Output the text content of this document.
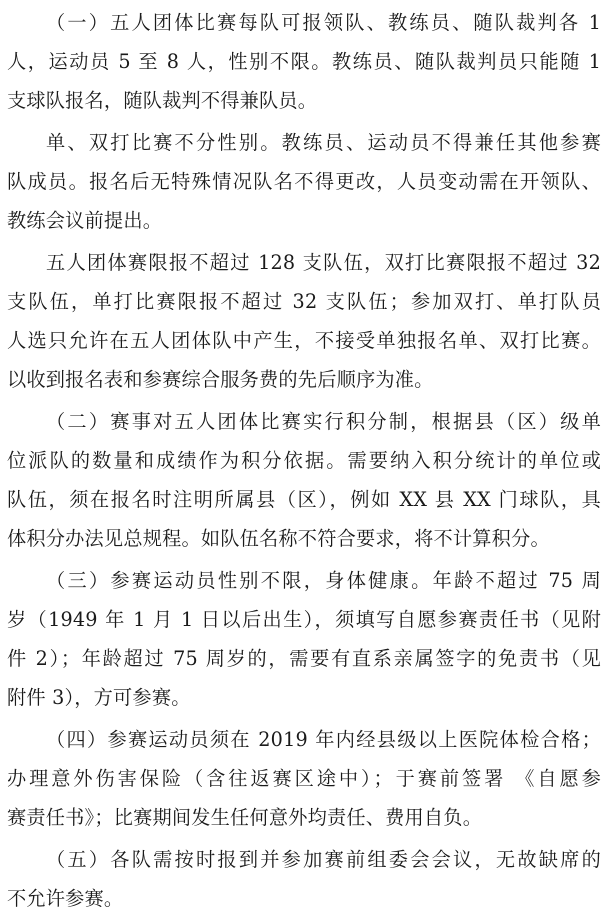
（一）五人团体比赛每队可报领队、教练员、随队裁判各 1
人，运动员 5 至 8 人，性别不限。教练员、随队裁判员只能随 1
支球队报名，随队裁判不得兼队员。
单、双打比赛不分性别。教练员、运动员不得兼任其他参赛
队成员。报名后无特殊情况队名不得更改，人员变动需在开领队、
教练会议前提出。
五人团体赛限报不超过 128 支队伍，双打比赛限报不超过 32
支队伍，单打比赛限报不超过 32 支队伍；参加双打、单打队员
人选只允许在五人团体队中产生，不接受单独报名单、双打比赛。
以收到报名表和参赛综合服务费的先后顺序为准。
（二）赛事对五人团体比赛实行积分制，根据县（区）级单
位派队的数量和成绩作为积分依据。需要纳入积分统计的单位或
队伍，须在报名时注明所属县（区），例如 XX 县 XX 门球队，具
体积分办法见总规程。如队伍名称不符合要求，将不计算积分。
（三）参赛运动员性别不限，身体健康。年龄不超过 75 周
岁（1949 年 1 月 1 日以后出生），须填写自愿参赛责任书（见附
件 2）；年龄超过 75 周岁的，需要有直系亲属签字的免责书（见
附件 3），方可参赛。
（四）参赛运动员须在 2019 年内经县级以上医院体检合格；
办理意外伤害保险（含往返赛区途中）；于赛前签署 《自愿参
赛责任书》；比赛期间发生任何意外均责任、费用自负。
（五）各队需按时报到并参加赛前组委会会议，无故缺席的
不允许参赛。
